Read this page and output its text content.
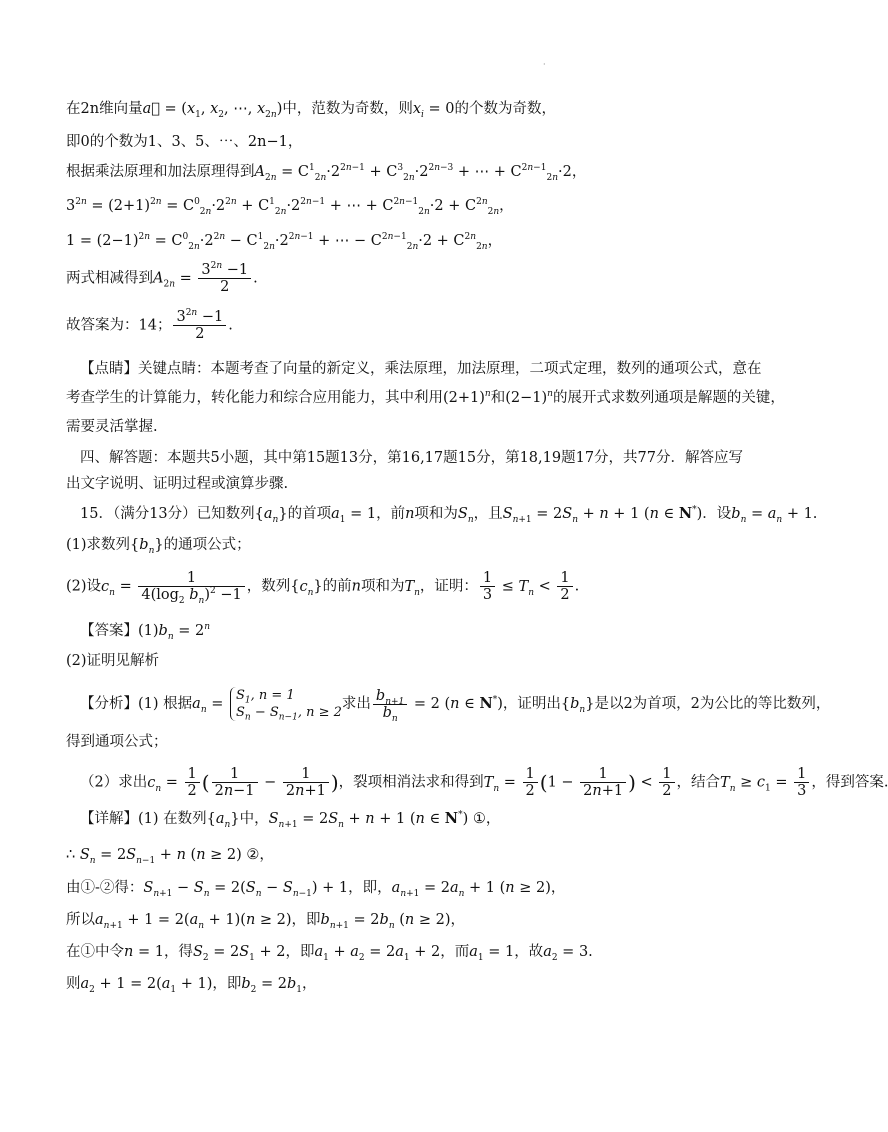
·
在2n维向量a⃗ = ($x_1$, $x_2$, ⋯, $x_{2n}$)中，范数为奇数，则$x_i = 0$的个数为奇数，
即0的个数为1、3、5、⋯、2n−1，
根据乘法原理和加法原理得到$A_{2n} = C^1_{2n}\cdot 2^{2n-1} + C^3_{2n}\cdot 2^{2n-3}$ + ⋯ + $C^{2n-1}_{2n}\cdot 2$，
$3^{2n} = (2+1)^{2n} = C^0_{2n}\cdot 2^{2n} + C^1_{2n}\cdot 2^{2n-1}$ + ⋯ + $C^{2n-1}_{2n}\cdot 2 + C^{2n}_{2n}$，
$1 = (2-1)^{2n} = C^0_{2n}\cdot 2^{2n} - C^1_{2n}\cdot 2^{2n-1}$ + ⋯ − $C^{2n-1}_{2n}\cdot 2 + C^{2n}_{2n}$，
两式相减得到$A_{2n} = \frac{3^{2n} -1}{2}$ .
故答案为：14； $\frac{3^{2n} -1}{2}$ .
【点睛】关键点睛：本题考查了向量的新定义，乘法原理，加法原理，二项式定理，数列的通项公式，意在
考查学生的计算能力，转化能力和综合应用能力，其中利用$(2+1)^n$和$(2-1)^n$的展开式求数列通项是解题的关键，
需要灵活掌握.
四、解答题：本题共5小题，其中第15题13分，第16,17题15分，第18,19题17分，共77分．解答应写
出文字说明、证明过程或演算步骤.
15．（满分13分）已知数列$\{a_n\}$的首项$a_1 = 1$，前n项和为$S_n$，且$S_{n+1} = 2S_n + n + 1$ (n ∈ N*)．设$b_n = a_n + 1$.
(1)求数列$\{b_n\}$的通项公式；
(2)设$c_n = \frac{1}{4(\log_2 b_n)^2 -1}$ ，数列$\{c_n\}$的前n项和为$T_n$，证明： $\frac{1}{3} \le T_n < \frac{1}{2}$ .
【答案】$(1)b_n = 2^n$
(2)证明见解析
【分析】(1) 根据$a_n$ =
$S_1$, n = 1
$S_n - S_{n-1}$, n ≥ 2
求出 $\frac{b_{n+1}}{b_n} = 2$ (n ∈ N*)，证明出$\{b_n\}$是以2为首项，2为公比的等比数列，
得到通项公式；
（2）求出$c_n = \frac{1}{2}$ ( $\frac{1}{2n-1} - \frac{1}{2n+1}$ )，裂项相消法求和得到$T_n = \frac{1}{2} (1 - \frac{1}{2n+1}$ ) < $\frac{1}{2}$ ，结合$T_n \ge c_1 = \frac{1}{3}$ ，得到答案.
【详解】(1) 在数列$\{a_n\}$中，$S_{n+1} = 2S_n + n + 1$ (n ∈ N*) ①，
∴ $S_n = 2S_{n-1} + n$ (n ≥ 2) ②，
由①-②得：$S_{n+1} - S_n = 2(S_n - S_{n-1}) + 1$，即，$a_{n+1} = 2a_n + 1$ (n ≥ 2)，
所以$a_{n+1} + 1 = 2(a_n + 1)(n \ge 2)$，即$b_{n+1} = 2b_n$ (n ≥ 2)，
在①中令n = 1，得$S_2 = 2S_1 + 2$，即$a_1 + a_2 = 2a_1 + 2$，而$a_1 = 1$，故$a_2 = 3$.
则$a_2 + 1 = 2(a_1 + 1)$，即$b_2 = 2b_1$，
